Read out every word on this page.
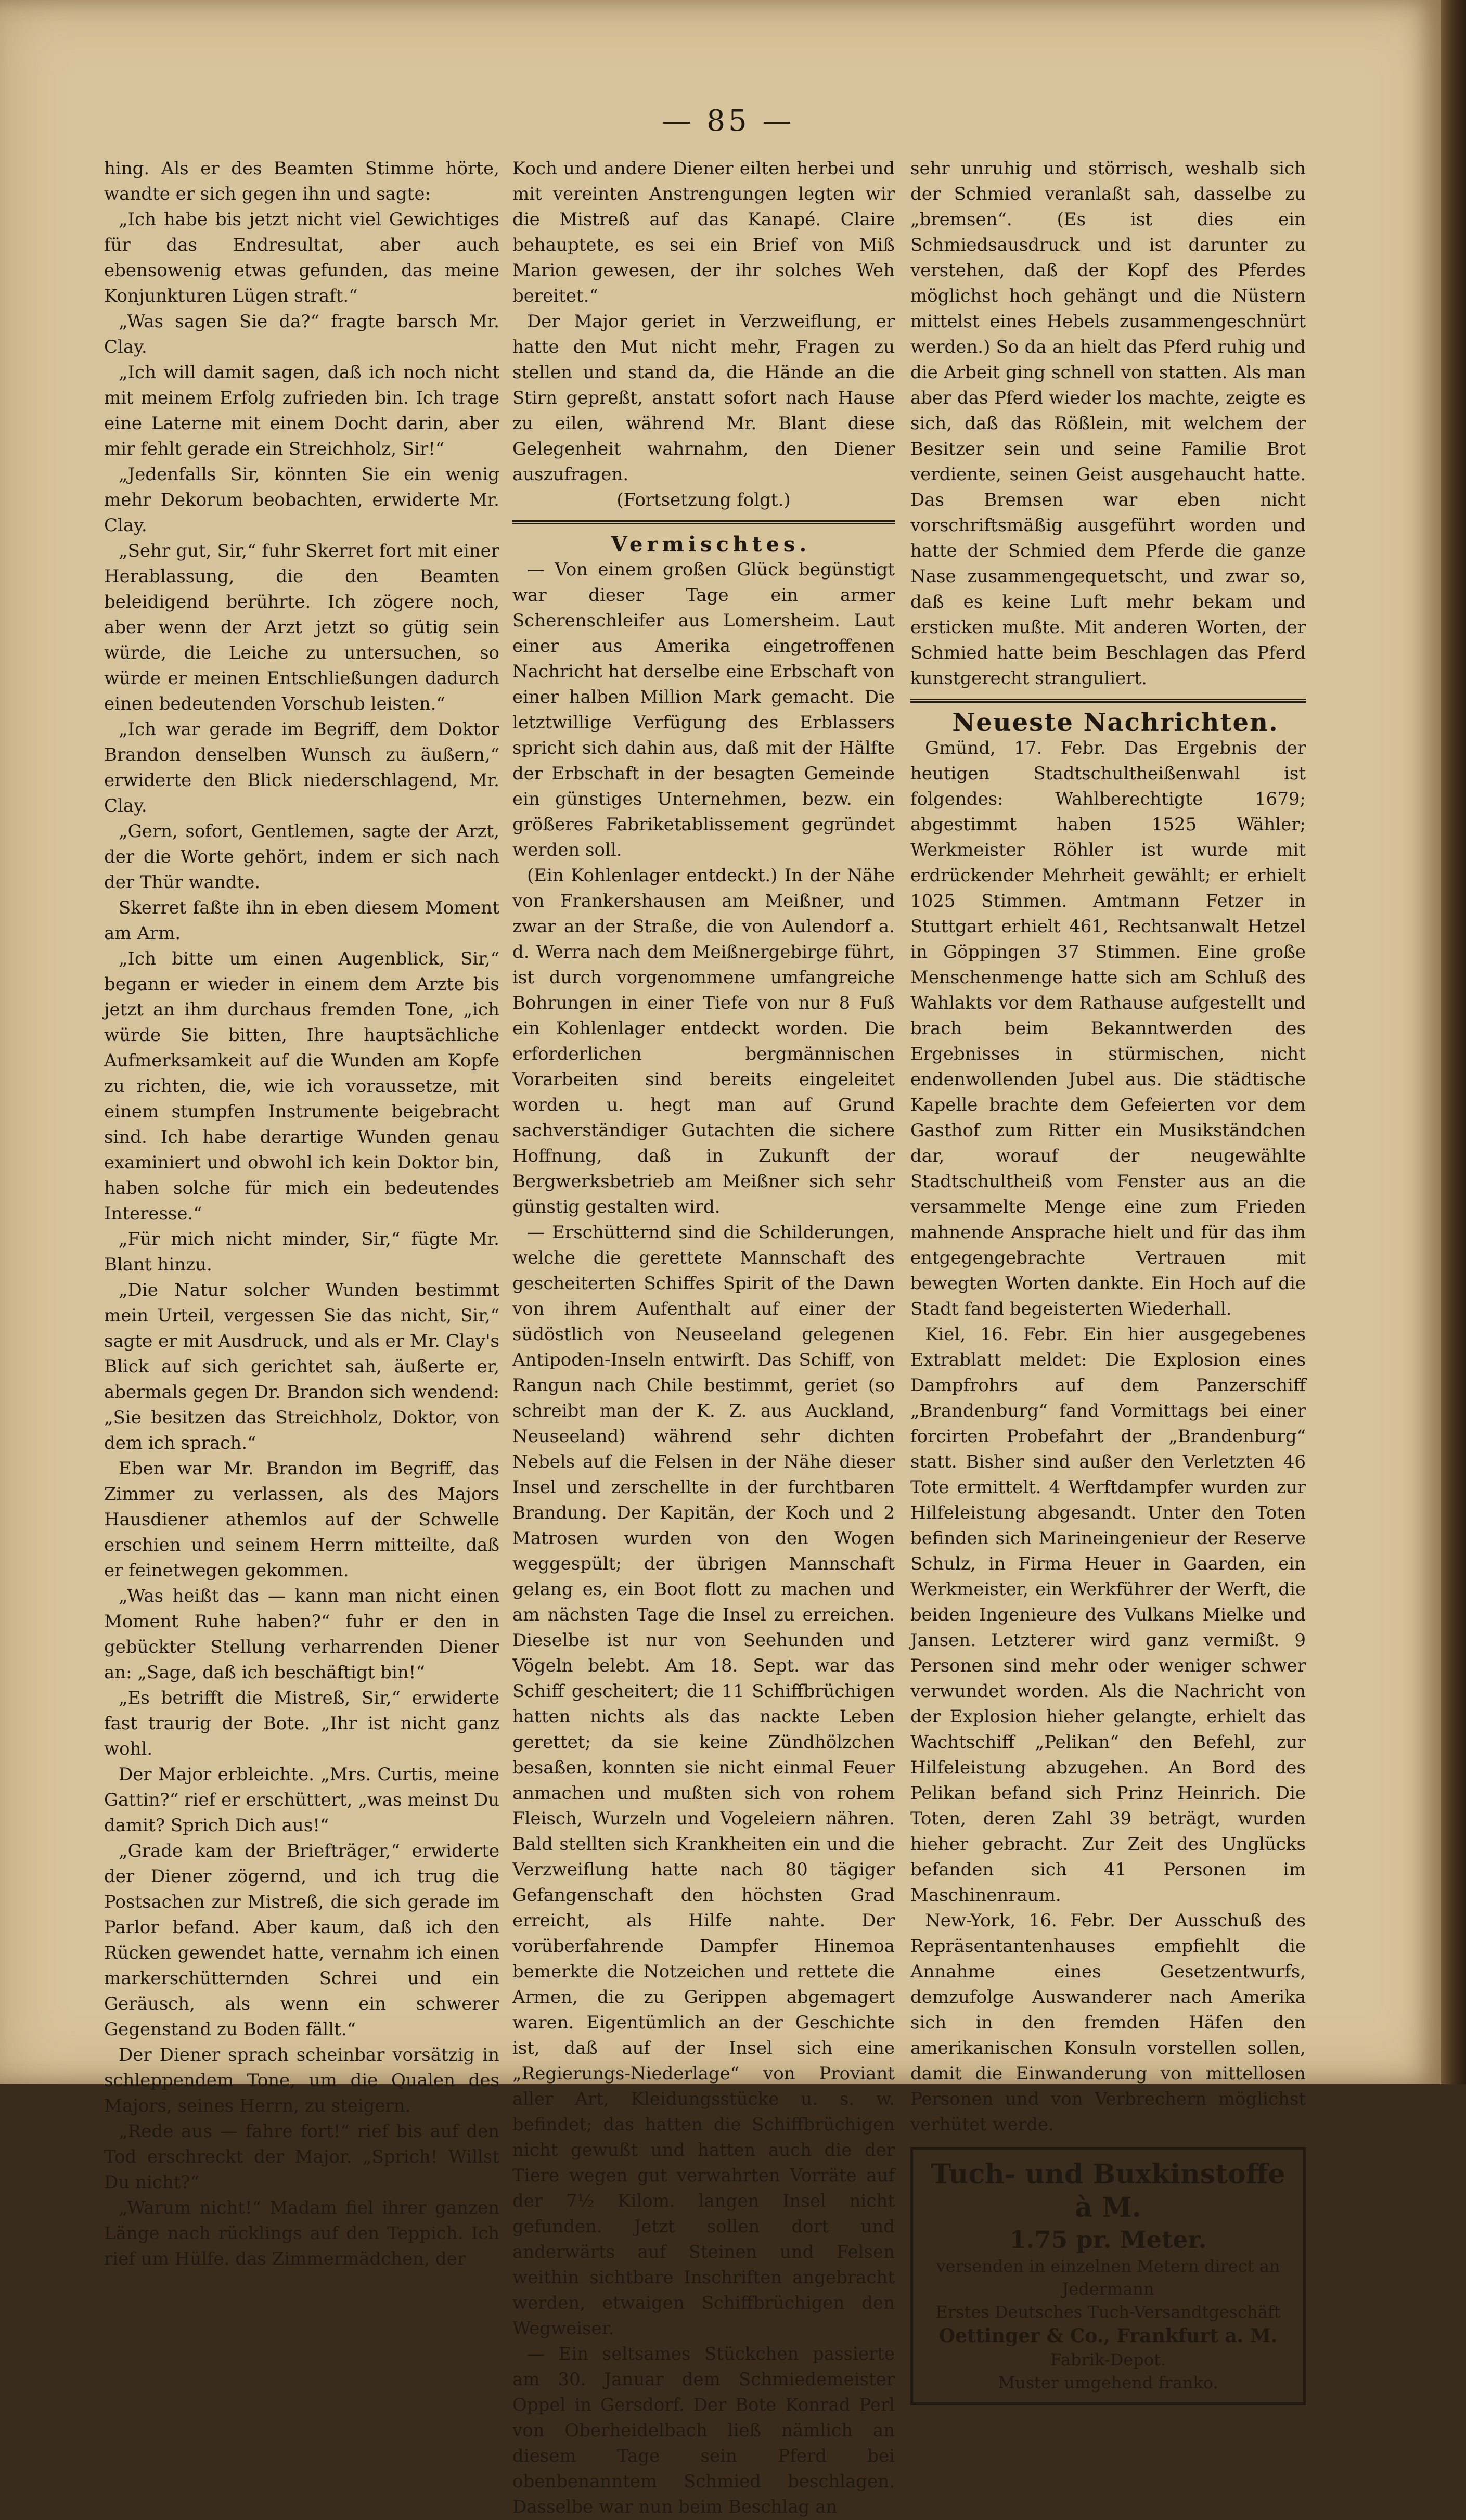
— 85 —

hing. Als er des Beamten Stimme hörte, wandte er sich gegen ihn und sagte:

„Ich habe bis jetzt nicht viel Gewichtiges für das Endresultat, aber auch ebensowenig etwas gefunden, das meine Konjunkturen Lügen straft.“

„Was sagen Sie da?“ fragte barsch Mr. Clay.

„Ich will damit sagen, daß ich noch nicht mit meinem Erfolg zufrieden bin. Ich trage eine Laterne mit einem Docht darin, aber mir fehlt gerade ein Streichholz, Sir!“

„Jedenfalls Sir, könnten Sie ein wenig mehr Dekorum beobachten, erwiderte Mr. Clay.

„Sehr gut, Sir,“ fuhr Skerret fort mit einer Herablassung, die den Beamten beleidigend berührte. Ich zögere noch, aber wenn der Arzt jetzt so gütig sein würde, die Leiche zu untersuchen, so würde er meinen Entschließungen dadurch einen bedeutenden Vorschub leisten.“

„Ich war gerade im Begriff, dem Doktor Brandon denselben Wunsch zu äußern,“ erwiderte den Blick niederschlagend, Mr. Clay.

„Gern, sofort, Gentlemen, sagte der Arzt, der die Worte gehört, indem er sich nach der Thür wandte.

Skerret faßte ihn in eben diesem Moment am Arm.

„Ich bitte um einen Augenblick, Sir,“ begann er wieder in einem dem Arzte bis jetzt an ihm durchaus fremden Tone, „ich würde Sie bitten, Ihre hauptsächliche Aufmerksamkeit auf die Wunden am Kopfe zu richten, die, wie ich voraussetze, mit einem stumpfen Instrumente beigebracht sind. Ich habe derartige Wunden genau examiniert und obwohl ich kein Doktor bin, haben solche für mich ein bedeutendes Interesse.“

„Für mich nicht minder, Sir,“ fügte Mr. Blant hinzu.

„Die Natur solcher Wunden bestimmt mein Urteil, vergessen Sie das nicht, Sir,“ sagte er mit Ausdruck, und als er Mr. Clay's Blick auf sich gerichtet sah, äußerte er, abermals gegen Dr. Brandon sich wendend: „Sie besitzen das Streichholz, Doktor, von dem ich sprach.“

Eben war Mr. Brandon im Begriff, das Zimmer zu verlassen, als des Majors Hausdiener athemlos auf der Schwelle erschien und seinem Herrn mitteilte, daß er feinetwegen gekommen.

„Was heißt das — kann man nicht einen Moment Ruhe haben?“ fuhr er den in gebückter Stellung verharrenden Diener an: „Sage, daß ich beschäftigt bin!“

„Es betrifft die Mistreß, Sir,“ erwiderte fast traurig der Bote. „Ihr ist nicht ganz wohl.

Der Major erbleichte. „Mrs. Curtis, meine Gattin?“ rief er erschüttert, „was meinst Du damit? Sprich Dich aus!“

„Grade kam der Briefträger,“ erwiderte der Diener zögernd, und ich trug die Postsachen zur Mistreß, die sich gerade im Parlor befand. Aber kaum, daß ich den Rücken gewendet hatte, vernahm ich einen markerschütternden Schrei und ein Geräusch, als wenn ein schwerer Gegenstand zu Boden fällt.“

Der Diener sprach scheinbar vorsätzig in schleppendem Tone, um die Qualen des Majors, seines Herrn, zu steigern.

„Rede aus — fahre fort!“ rief bis auf den Tod erschreckt der Major. „Sprich! Willst Du nicht?“

„Warum nicht!“ Madam fiel ihrer ganzen Länge nach rücklings auf den Teppich. Ich rief um Hülfe. das Zimmermädchen, der

Koch und andere Diener eilten herbei und mit vereinten Anstrengungen legten wir die Mistreß auf das Kanapé. Claire behauptete, es sei ein Brief von Miß Marion gewesen, der ihr solches Weh bereitet.“

Der Major geriet in Verzweiflung, er hatte den Mut nicht mehr, Fragen zu stellen und stand da, die Hände an die Stirn gepreßt, anstatt sofort nach Hause zu eilen, während Mr. Blant diese Gelegenheit wahrnahm, den Diener auszufragen.

(Fortsetzung folgt.)

Vermischtes.

— Von einem großen Glück begünstigt war dieser Tage ein armer Scherenschleifer aus Lomersheim. Laut einer aus Amerika eingetroffenen Nachricht hat derselbe eine Erbschaft von einer halben Million Mark gemacht. Die letztwillige Verfügung des Erblassers spricht sich dahin aus, daß mit der Hälfte der Erbschaft in der besagten Gemeinde ein günstiges Unternehmen, bezw. ein größeres Fabriketablissement gegründet werden soll.

(Ein Kohlenlager entdeckt.) In der Nähe von Frankershausen am Meißner, und zwar an der Straße, die von Aulendorf a. d. Werra nach dem Meißnergebirge führt, ist durch vorgenommene umfangreiche Bohrungen in einer Tiefe von nur 8 Fuß ein Kohlenlager entdeckt worden. Die erforderlichen bergmännischen Vorarbeiten sind bereits eingeleitet worden u. hegt man auf Grund sachverständiger Gutachten die sichere Hoffnung, daß in Zukunft der Bergwerksbetrieb am Meißner sich sehr günstig gestalten wird.

— Erschütternd sind die Schilderungen, welche die gerettete Mannschaft des gescheiterten Schiffes Spirit of the Dawn von ihrem Aufenthalt auf einer der südöstlich von Neuseeland gelegenen Antipoden-Inseln entwirft. Das Schiff, von Rangun nach Chile bestimmt, geriet (so schreibt man der K. Z. aus Auckland, Neuseeland) während sehr dichten Nebels auf die Felsen in der Nähe dieser Insel und zerschellte in der furchtbaren Brandung. Der Kapitän, der Koch und 2 Matrosen wurden von den Wogen weggespült; der übrigen Mannschaft gelang es, ein Boot flott zu machen und am nächsten Tage die Insel zu erreichen. Dieselbe ist nur von Seehunden und Vögeln belebt. Am 18. Sept. war das Schiff gescheitert; die 11 Schiffbrüchigen hatten nichts als das nackte Leben gerettet; da sie keine Zündhölzchen besaßen, konnten sie nicht einmal Feuer anmachen und mußten sich von rohem Fleisch, Wurzeln und Vogeleiern nähren. Bald stellten sich Krankheiten ein und die Verzweiflung hatte nach 80 tägiger Gefangenschaft den höchsten Grad erreicht, als Hilfe nahte. Der vorüberfahrende Dampfer Hinemoa bemerkte die Notzeichen und rettete die Armen, die zu Gerippen abgemagert waren. Eigentümlich an der Geschichte ist, daß auf der Insel sich eine „Regierungs-Niederlage“ von Proviant aller Art, Kleidungsstücke u. s. w. befindet; das hatten die Schiffbrüchigen nicht gewußt und hatten auch die der Tiere wegen gut verwahrten Vorräte auf der 7½ Kilom. langen Insel nicht gefunden. Jetzt sollen dort und anderwärts auf Steinen und Felsen weithin sichtbare Inschriften angebracht werden, etwaigen Schiffbrüchigen den Wegweiser.

— Ein seltsames Stückchen passierte am 30. Januar dem Schmiedemeister Oppel in Gersdorf. Der Bote Konrad Perl von Oberheidelbach ließ nämlich an diesem Tage sein Pferd bei obenbenanntem Schmied beschlagen. Dasselbe war nun beim Beschlag an

sehr unruhig und störrisch, weshalb sich der Schmied veranlaßt sah, dasselbe zu „bremsen“. (Es ist dies ein Schmiedsausdruck und ist darunter zu verstehen, daß der Kopf des Pferdes möglichst hoch gehängt und die Nüstern mittelst eines Hebels zusammengeschnürt werden.) So da an hielt das Pferd ruhig und die Arbeit ging schnell von statten. Als man aber das Pferd wieder los machte, zeigte es sich, daß das Rößlein, mit welchem der Besitzer sein und seine Familie Brot verdiente, seinen Geist ausgehaucht hatte. Das Bremsen war eben nicht vorschriftsmäßig ausgeführt worden und hatte der Schmied dem Pferde die ganze Nase zusammengequetscht, und zwar so, daß es keine Luft mehr bekam und ersticken mußte. Mit anderen Worten, der Schmied hatte beim Beschlagen das Pferd kunstgerecht stranguliert.

Neueste Nachrichten.

Gmünd, 17. Febr. Das Ergebnis der heutigen Stadtschultheißenwahl ist folgendes: Wahlberechtigte 1679; abgestimmt haben 1525 Wähler; Werkmeister Röhler ist wurde mit erdrückender Mehrheit gewählt; er erhielt 1025 Stimmen. Amtmann Fetzer in Stuttgart erhielt 461, Rechtsanwalt Hetzel in Göppingen 37 Stimmen. Eine große Menschenmenge hatte sich am Schluß des Wahlakts vor dem Rathause aufgestellt und brach beim Bekanntwerden des Ergebnisses in stürmischen, nicht endenwollenden Jubel aus. Die städtische Kapelle brachte dem Gefeierten vor dem Gasthof zum Ritter ein Musikständchen dar, worauf der neugewählte Stadtschultheiß vom Fenster aus an die versammelte Menge eine zum Frieden mahnende Ansprache hielt und für das ihm entgegengebrachte Vertrauen mit bewegten Worten dankte. Ein Hoch auf die Stadt fand begeisterten Wiederhall.

Kiel, 16. Febr. Ein hier ausgegebenes Extrablatt meldet: Die Explosion eines Dampfrohrs auf dem Panzerschiff „Brandenburg“ fand Vormittags bei einer forcirten Probefahrt der „Brandenburg“ statt. Bisher sind außer den Verletzten 46 Tote ermittelt. 4 Werftdampfer wurden zur Hilfeleistung abgesandt. Unter den Toten befinden sich Marineingenieur der Reserve Schulz, in Firma Heuer in Gaarden, ein Werkmeister, ein Werkführer der Werft, die beiden Ingenieure des Vulkans Mielke und Jansen. Letzterer wird ganz vermißt. 9 Personen sind mehr oder weniger schwer verwundet worden. Als die Nachricht von der Explosion hieher gelangte, erhielt das Wachtschiff „Pelikan“ den Befehl, zur Hilfeleistung abzugehen. An Bord des Pelikan befand sich Prinz Heinrich. Die Toten, deren Zahl 39 beträgt, wurden hieher gebracht. Zur Zeit des Unglücks befanden sich 41 Personen im Maschinenraum.

New-York, 16. Febr. Der Ausschuß des Repräsentantenhauses empfiehlt die Annahme eines Gesetzentwurfs, demzufolge Auswanderer nach Amerika sich in den fremden Häfen den amerikanischen Konsuln vorstellen sollen, damit die Einwanderung von mittellosen Personen und von Verbrechern möglichst verhütet werde.

Tuch- und Buxkinstoffe à M.
1.75 pr. Meter.
versenden in einzelnen Metern direct an
Jedermann
Erstes Deutsches Tuch-Versandtgeschäft
Oettinger & Co., Frankfurt a. M.
Fabrik-Depot.
Muster umgehend franko.
